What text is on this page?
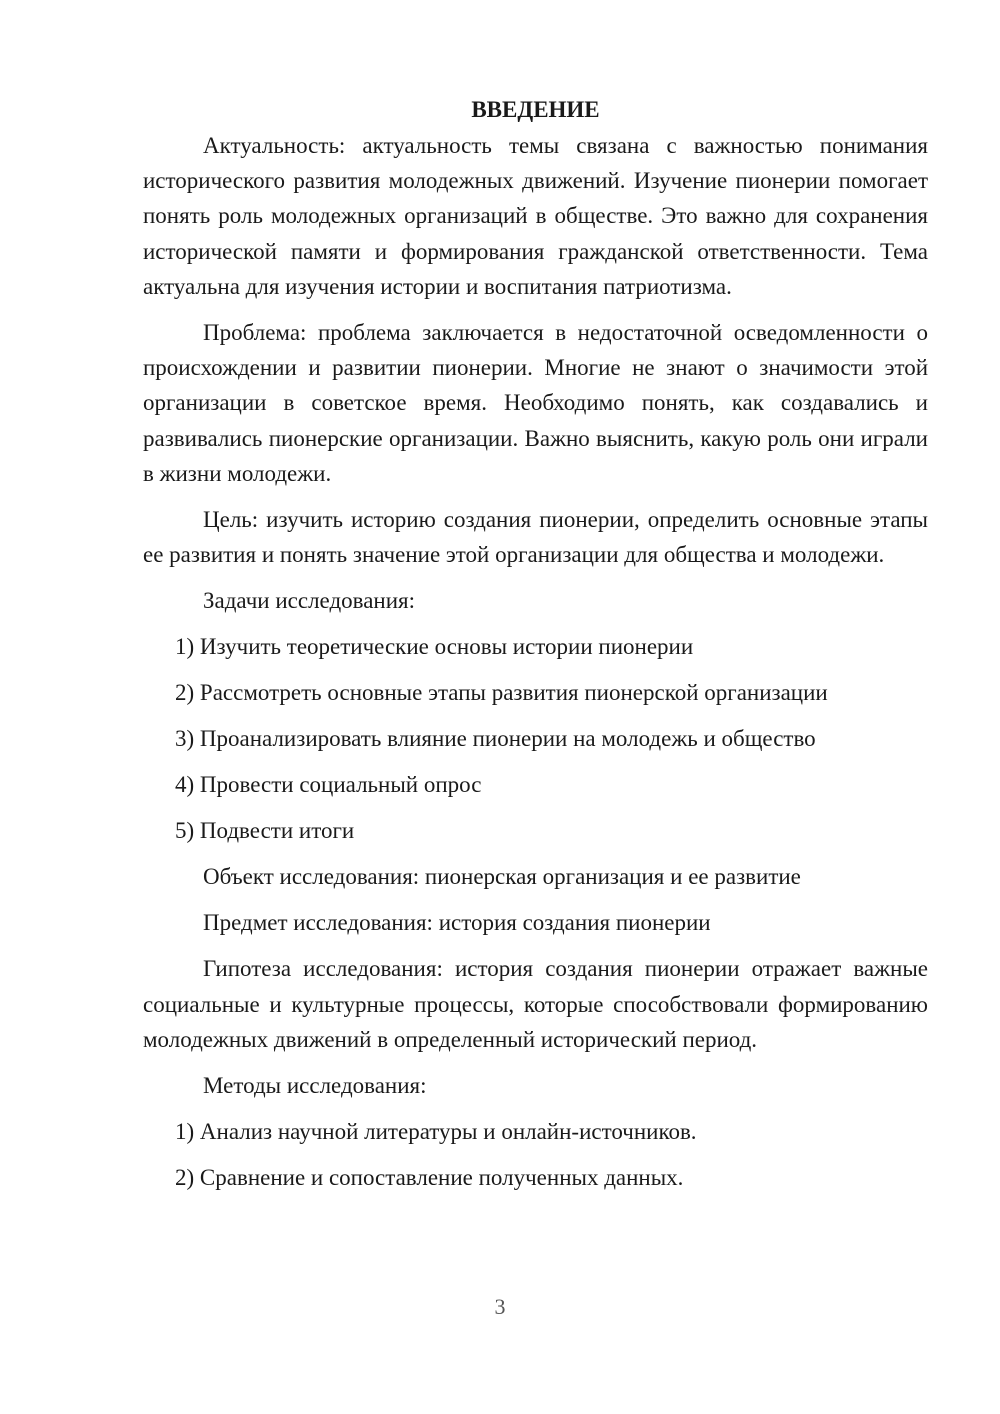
ВВЕДЕНИЕ

Актуальность: актуальность темы связана с важностью понимания исторического развития молодежных движений. Изучение пионерии помогает понять роль молодежных организаций в обществе. Это важно для сохранения исторической памяти и формирования гражданской ответственности. Тема актуальна для изучения истории и воспитания патриотизма.

Проблема: проблема заключается в недостаточной осведомленности о происхождении и развитии пионерии. Многие не знают о значимости этой организации в советское время. Необходимо понять, как создавались и развивались пионерские организации. Важно выяснить, какую роль они играли в жизни молодежи.

Цель: изучить историю создания пионерии, определить основные этапы ее развития и понять значение этой организации для общества и молодежи.

Задачи исследования:

1) Изучить теоретические основы истории пионерии

2) Рассмотреть основные этапы развития пионерской организации

3) Проанализировать влияние пионерии на молодежь и общество

4) Провести социальный опрос

5) Подвести итоги

Объект исследования: пионерская организация и ее развитие

Предмет исследования: история создания пионерии

Гипотеза исследования: история создания пионерии отражает важные социальные и культурные процессы, которые способствовали формированию молодежных движений в определенный исторический период.

Методы исследования:

1) Анализ научной литературы и онлайн-источников.

2) Сравнение и сопоставление полученных данных.

3
